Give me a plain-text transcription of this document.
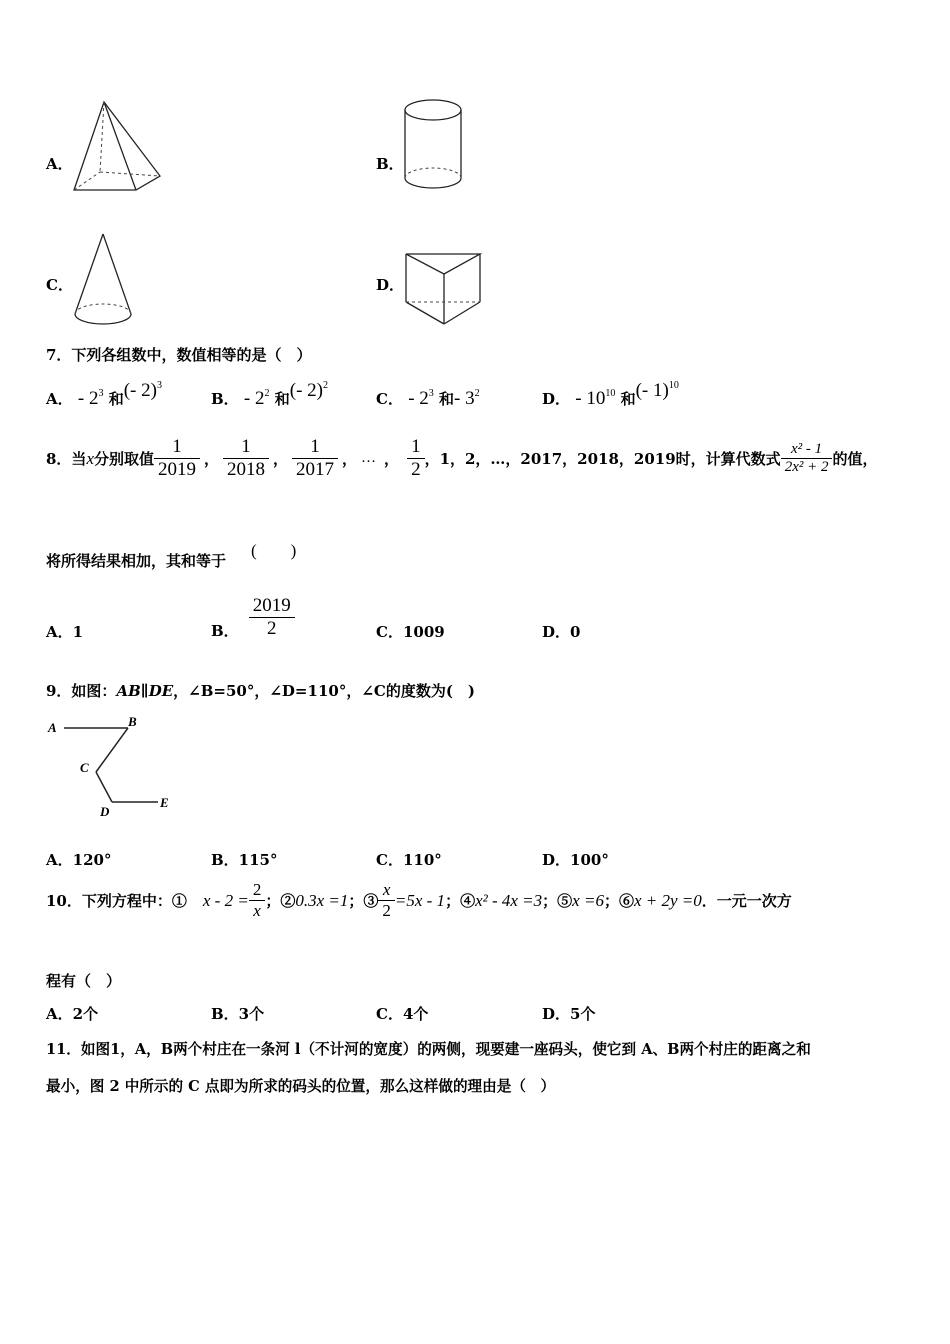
A．	B．
C．	D．
7．下列各组数中，数值相等的是（　）
A． - $2^3$ 和(- 2)$^3$
B． - $2^2$ 和(- 2)$^2$
C． - $2^3$ 和- $3^2$	D． - $10^{10}$ 和(- 1)$^{10}$
8．当 x 分别取值 $\frac{1}{2019}$ ， $\frac{1}{2018}$ ， $\frac{1}{2017}$ ， … ， $\frac{1}{2}$ ，1，2，…，2017，2018，2019时，计算代数式 $\frac{\text{x² - 1}}{\text{2x² + 2}}$ 的值，
将所得结果相加，其和等于
(　　)
A．1	B． $\frac{2019}{2}$	C．1009	D．0
9．如图：AB∥DE，∠B=50°，∠D=110°，∠C的度数为(　)
A	B
C
D
E
A．120°	B．115°	C．110°	D．100°
10．下列方程中：① $x - 2 = \frac{2}{x}$ ；② 0.3x =1 ；③ $\frac{x}{2} =5x - 1$ ；④ x² - 4x =3 ；⑤ x =6 ；⑥ x + 2y =0 ．一元一次方
程有（　）
A．2个	B．3个	C．4个	D．5个
11．如图1，A，B两个村庄在一条河 l（不计河的宽度）的两侧，现要建一座码头，使它到 A、B两个村庄的距离之和
最小，图 2 中所示的 C 点即为所求的码头的位置，那么这样做的理由是（　）
